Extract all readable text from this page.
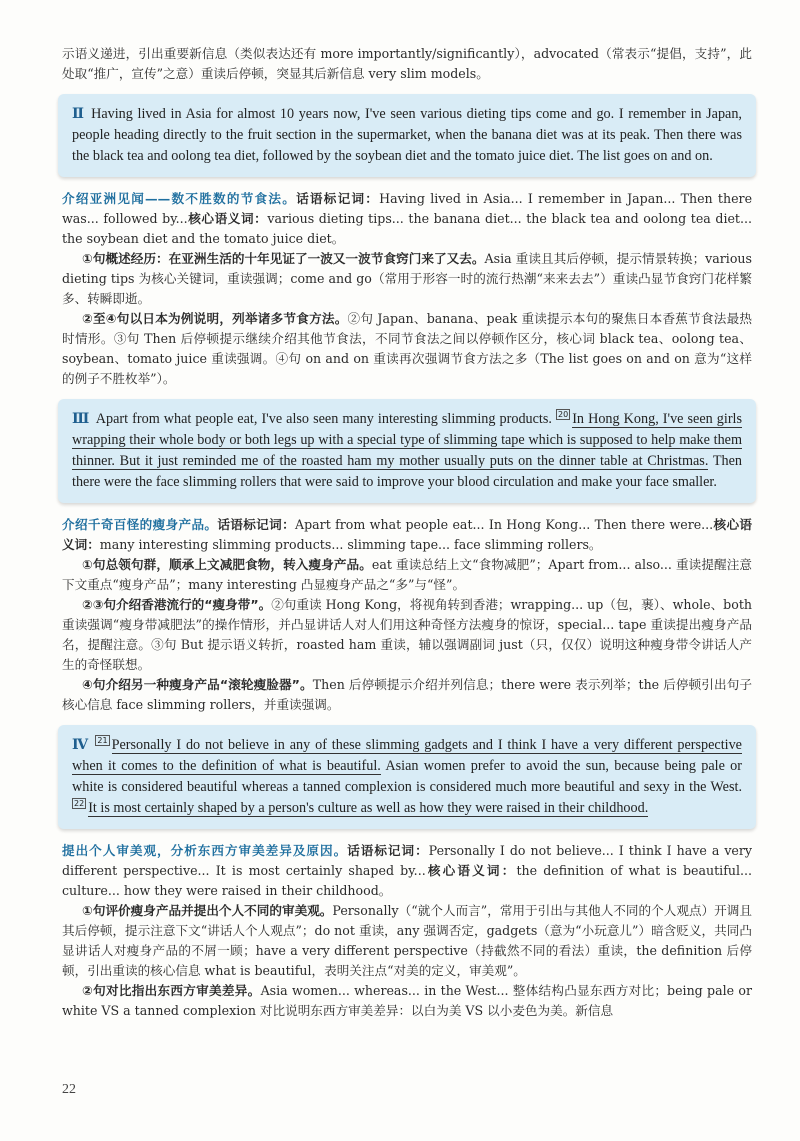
示语义递进，引出重要新信息（类似表达还有 more importantly/significantly），advocated（常表示“提倡，支持”，此处取“推广，宣传”之意）重读后停顿，突显其后新信息 very slim models。

Ⅱ Having lived in Asia for almost 10 years now, I've seen various dieting tips come and go. I remember in Japan, people heading directly to the fruit section in the supermarket, when the banana diet was at its peak. Then there was the black tea and oolong tea diet, followed by the soybean diet and the tomato juice diet. The list goes on and on.

介绍亚洲见闻——数不胜数的节食法。话语标记词：Having lived in Asia... I remember in Japan... Then there was... followed by...核心语义词：various dieting tips... the banana diet... the black tea and oolong tea diet... the soybean diet and the tomato juice diet。

①句概述经历：在亚洲生活的十年见证了一波又一波节食窍门来了又去。Asia 重读且其后停顿，提示情景转换；various dieting tips 为核心关键词，重读强调；come and go（常用于形容一时的流行热潮“来来去去”）重读凸显节食窍门花样繁多、转瞬即逝。

②至④句以日本为例说明，列举诸多节食方法。②句 Japan、banana、peak 重读提示本句的聚焦日本香蕉节食法最热时情形。③句 Then 后停顿提示继续介绍其他节食法，不同节食法之间以停顿作区分，核心词 black tea、oolong tea、soybean、tomato juice 重读强调。④句 on and on 重读再次强调节食方法之多（The list goes on and on 意为“这样的例子不胜枚举”）。

Ⅲ Apart from what people eat, I've also seen many interesting slimming products. 20 In Hong Kong, I've seen girls wrapping their whole body or both legs up with a special type of slimming tape which is supposed to help make them thinner. But it just reminded me of the roasted ham my mother usually puts on the dinner table at Christmas. Then there were the face slimming rollers that were said to improve your blood circulation and make your face smaller.

介绍千奇百怪的瘦身产品。话语标记词：Apart from what people eat... In Hong Kong... Then there were...核心语义词：many interesting slimming products... slimming tape... face slimming rollers。

①句总领句群，顺承上文减肥食物，转入瘦身产品。eat 重读总结上文“食物减肥”；Apart from... also... 重读提醒注意下文重点“瘦身产品”；many interesting 凸显瘦身产品之“多”与“怪”。

②③句介绍香港流行的“瘦身带”。②句重读 Hong Kong，将视角转到香港；wrapping... up（包，裹）、whole、both 重读强调“瘦身带减肥法”的操作情形，并凸显讲话人对人们用这种奇怪方法瘦身的惊讶，special... tape 重读提出瘦身产品名，提醒注意。③句 But 提示语义转折，roasted ham 重读，辅以强调副词 just（只，仅仅）说明这种瘦身带令讲话人产生的奇怪联想。

④句介绍另一种瘦身产品“滚轮瘦脸器”。Then 后停顿提示介绍并列信息；there were 表示列举；the 后停顿引出句子核心信息 face slimming rollers，并重读强调。

Ⅳ 21 Personally I do not believe in any of these slimming gadgets and I think I have a very different perspective when it comes to the definition of what is beautiful. Asian women prefer to avoid the sun, because being pale or white is considered beautiful whereas a tanned complexion is considered much more beautiful and sexy in the West. 22 It is most certainly shaped by a person's culture as well as how they were raised in their childhood.

提出个人审美观，分析东西方审美差异及原因。话语标记词：Personally I do not believe... I think I have a very different perspective... It is most certainly shaped by...核心语义词：the definition of what is beautiful... culture... how they were raised in their childhood。

①句评价瘦身产品并提出个人不同的审美观。Personally（“就个人而言”，常用于引出与其他人不同的个人观点）开调且其后停顿，提示注意下文“讲话人个人观点”；do not 重读，any 强调否定，gadgets（意为“小玩意儿”）暗含贬义，共同凸显讲话人对瘦身产品的不屑一顾；have a very different perspective（持截然不同的看法）重读，the definition 后停顿，引出重读的核心信息 what is beautiful，表明关注点“对美的定义，审美观”。

②句对比指出东西方审美差异。Asia women... whereas... in the West... 整体结构凸显东西方对比；being pale or white VS a tanned complexion 对比说明东西方审美差异：以白为美 VS 以小麦色为美。新信息

22
